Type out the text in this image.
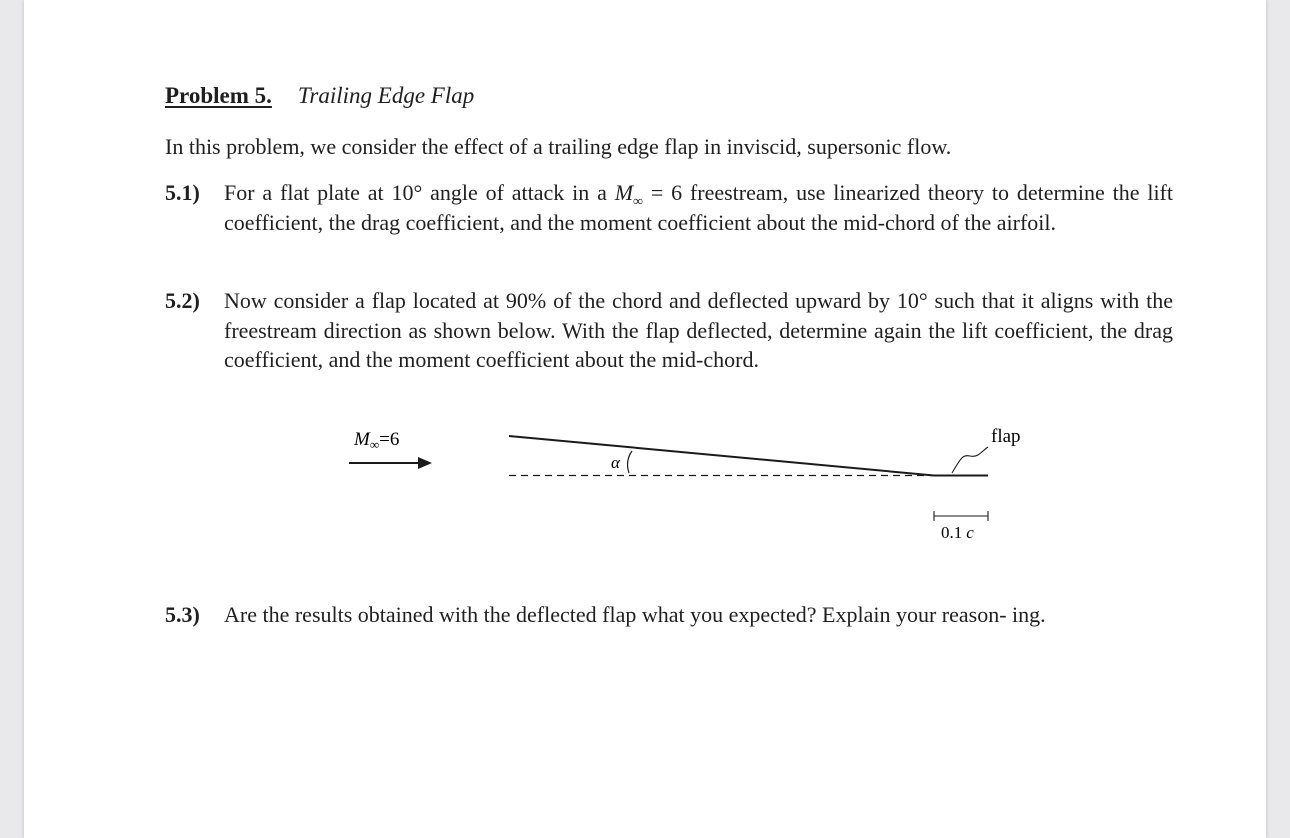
Problem 5. Trailing Edge Flap
In this problem, we consider the effect of a trailing edge flap in inviscid, supersonic flow.
5.1) For a flat plate at 10° angle of attack in a $M_\infty = 6$ freestream, use linearized theory to determine the lift coefficient, the drag coefficient, and the moment coefficient about the mid-chord of the airfoil.
5.2) Now consider a flap located at 90% of the chord and deflected upward by 10° such that it aligns with the freestream direction as shown below. With the flap deflected, determine again the lift coefficient, the drag coefficient, and the moment coefficient about the mid-chord.
$M_\infty=6$
α
flap
0.1 c
5.3) Are the results obtained with the deflected flap what you expected? Explain your reason- ing.
